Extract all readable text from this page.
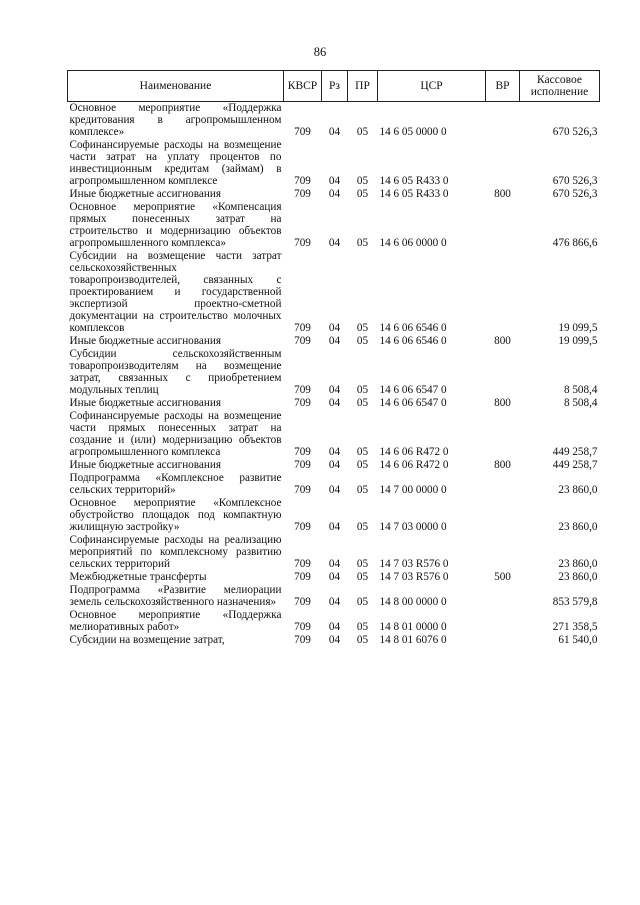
86
Наименование	КВСР	Рз	ПР	ЦСР	ВР	Кассовое
исполнение

Основное мероприятие «Поддержка кредитования в агропромышленном комплексе»	709	04	05	14 6 05 0000 0		670 526,3
Софинансируемые расходы на возмещение части затрат на уплату процентов по инвестиционным кредитам (займам) в агропромышленном комплексе	709	04	05	14 6 05 R433 0		670 526,3
Иные бюджетные ассигнования	709	04	05	14 6 05 R433 0	800	670 526,3
Основное мероприятие «Компенсация прямых понесенных затрат на строительство и модернизацию объектов агропромышленного комплекса»	709	04	05	14 6 06 0000 0		476 866,6
Субсидии на возмещение части затрат сельскохозяйственных товаропроизводителей, связанных с проектированием и государственной экспертизой проектно-сметной документации на строительство молочных комплексов	709	04	05	14 6 06 6546 0		19 099,5
Иные бюджетные ассигнования	709	04	05	14 6 06 6546 0	800	19 099,5
Субсидии сельскохозяйственным товаропроизводителям на возмещение затрат, связанных с приобретением модульных теплиц	709	04	05	14 6 06 6547 0		8 508,4
Иные бюджетные ассигнования	709	04	05	14 6 06 6547 0	800	8 508,4
Софинансируемые расходы на возмещение части прямых понесенных затрат на создание и (или) модернизацию объектов агропромышленного комплекса	709	04	05	14 6 06 R472 0		449 258,7
Иные бюджетные ассигнования	709	04	05	14 6 06 R472 0	800	449 258,7
Подпрограмма «Комплексное развитие сельских территорий»	709	04	05	14 7 00 0000 0		23 860,0
Основное мероприятие «Комплексное обустройство площадок под компактную жилищную застройку»	709	04	05	14 7 03 0000 0		23 860,0
Софинансируемые расходы на реализацию мероприятий по комплексному развитию сельских территорий	709	04	05	14 7 03 R576 0		23 860,0
Межбюджетные трансферты	709	04	05	14 7 03 R576 0	500	23 860,0
Подпрограмма «Развитие мелиорации земель сельскохозяйственного назначения»	709	04	05	14 8 00 0000 0		853 579,8
Основное мероприятие «Поддержка мелиоративных работ»	709	04	05	14 8 01 0000 0		271 358,5
Субсидии на возмещение затрат,	709	04	05	14 8 01 6076 0		61 540,0
